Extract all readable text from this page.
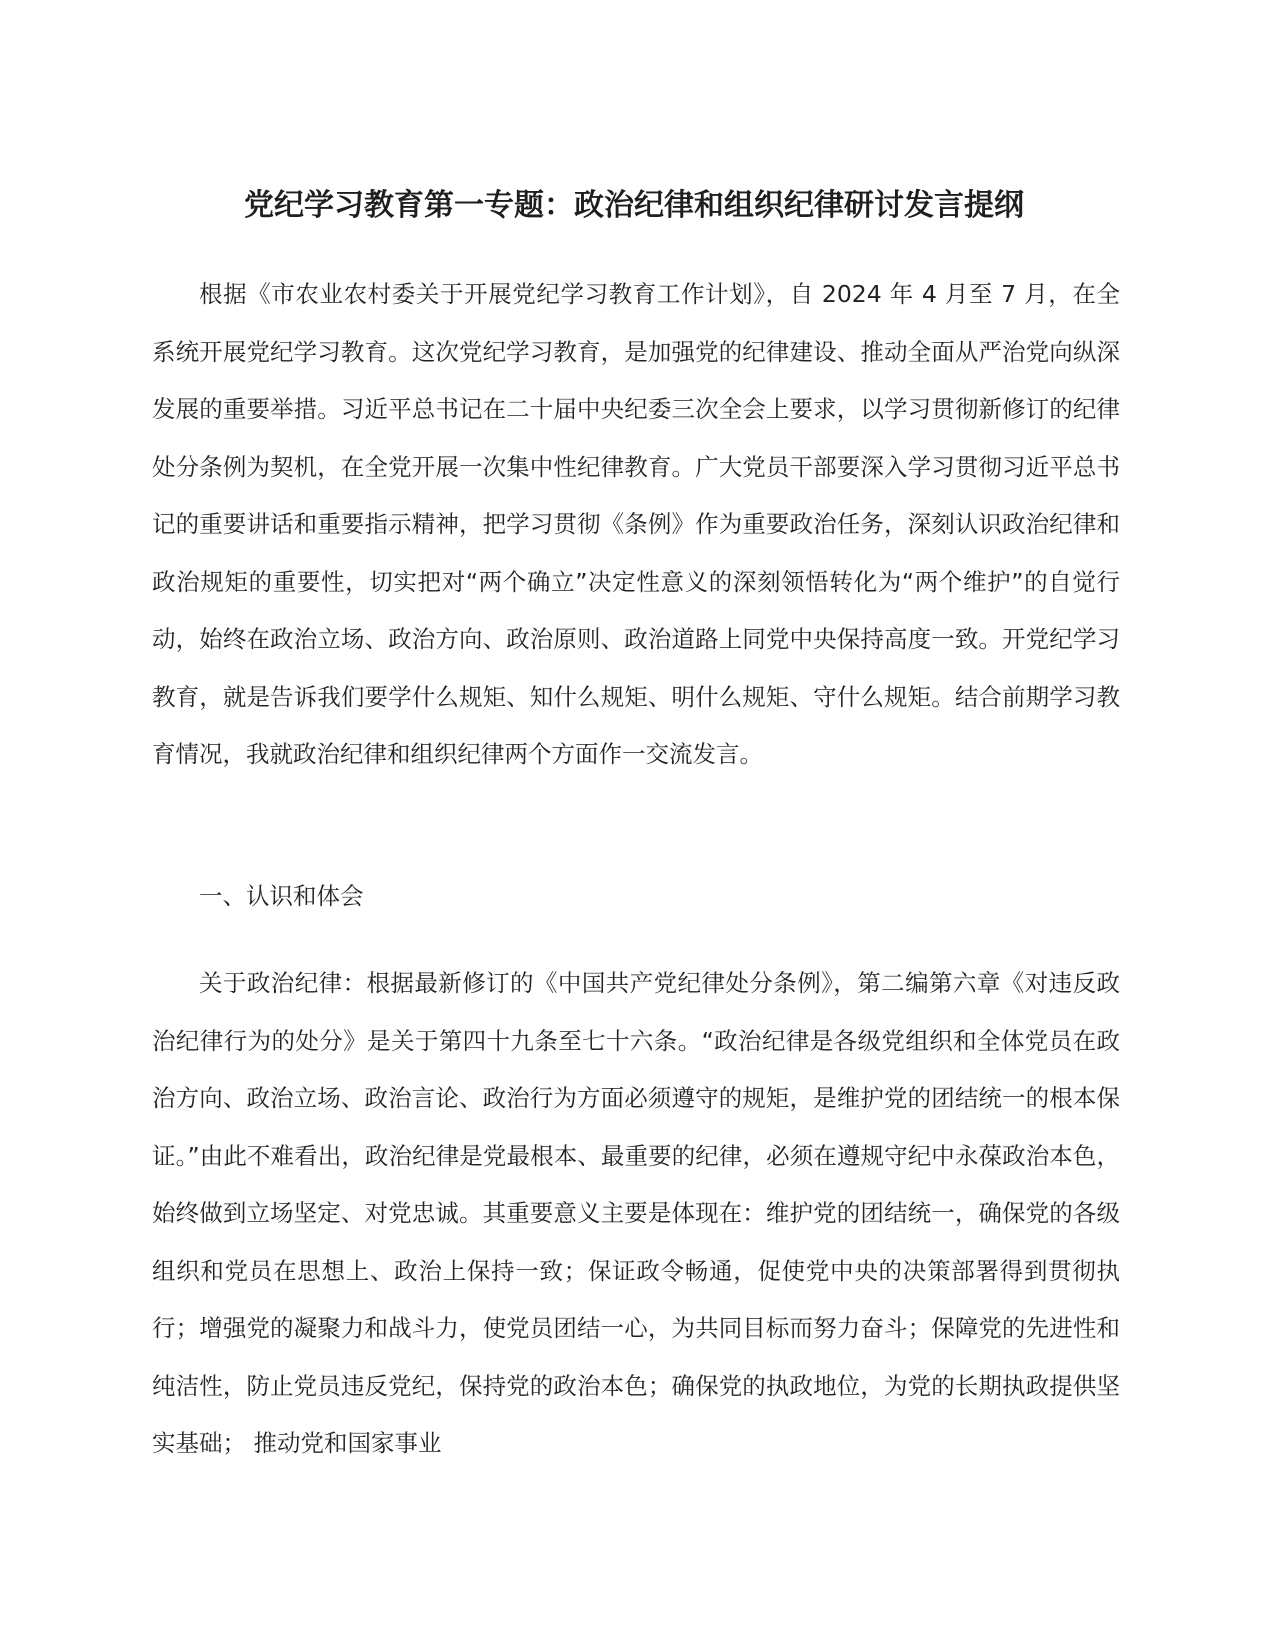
党纪学习教育第一专题：政治纪律和组织纪律研讨发言提纲

根据《市农业农村委关于开展党纪学习教育工作计划》，自 2024 年 4 月至 7 月，在全系统开展党纪学习教育。这次党纪学习教育，是加强党的纪律建设、推动全面从严治党向纵深发展的重要举措。习近平总书记在二十届中央纪委三次全会上要求，以学习贯彻新修订的纪律处分条例为契机，在全党开展一次集中性纪律教育。广大党员干部要深入学习贯彻习近平总书记的重要讲话和重要指示精神，把学习贯彻《条例》作为重要政治任务，深刻认识政治纪律和政治规矩的重要性，切实把对“两个确立”决定性意义的深刻领悟转化为“两个维护”的自觉行动，始终在政治立场、政治方向、政治原则、政治道路上同党中央保持高度一致。开党纪学习教育，就是告诉我们要学什么规矩、知什么规矩、明什么规矩、守什么规矩。结合前期学习教育情况，我就政治纪律和组织纪律两个方面作一交流发言。

一、认识和体会

关于政治纪律：根据最新修订的《中国共产党纪律处分条例》，第二编第六章《对违反政治纪律行为的处分》是关于第四十九条至七十六条。“政治纪律是各级党组织和全体党员在政治方向、政治立场、政治言论、政治行为方面必须遵守的规矩，是维护党的团结统一的根本保证。”由此不难看出，政治纪律是党最根本、最重要的纪律，必须在遵规守纪中永葆政治本色，始终做到立场坚定、对党忠诚。其重要意义主要是体现在：维护党的团结统一，确保党的各级组织和党员在思想上、政治上保持一致；保证政令畅通，促使党中央的决策部署得到贯彻执行；增强党的凝聚力和战斗力，使党员团结一心，为共同目标而努力奋斗；保障党的先进性和纯洁性，防止党员违反党纪，保持党的政治本色；确保党的执政地位，为党的长期执政提供坚实基础； 推动党和国家事业
